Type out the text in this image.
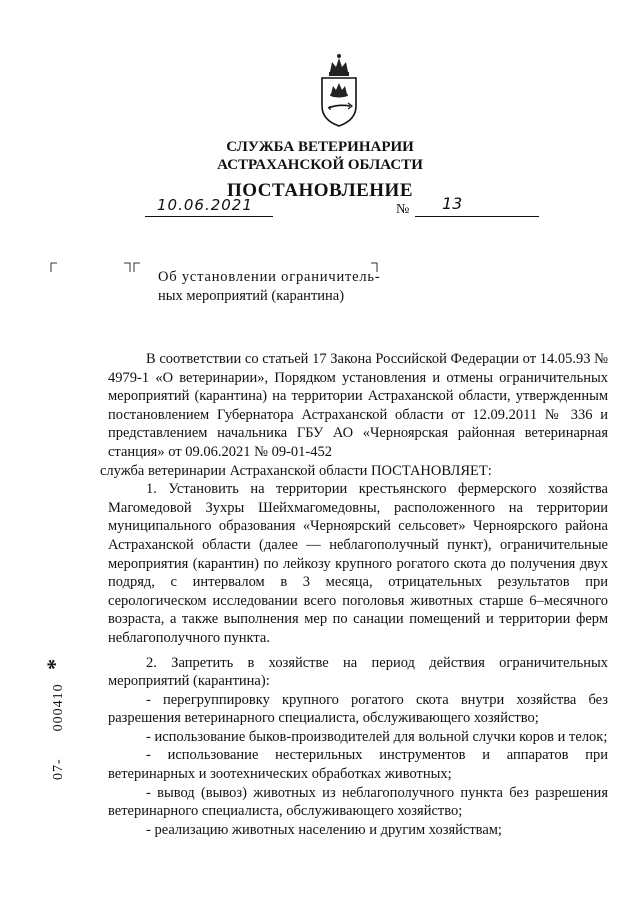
СЛУЖБА ВЕТЕРИНАРИИ
АСТРАХАНСКОЙ ОБЛАСТИ
ПОСТАНОВЛЕНИЕ
10.06.2021	№ 13
Об установлении ограничитель-
ных мероприятий (карантина)

В соответствии со статьей 17 Закона Российской Федерации от 14.05.93 № 4979-1 «О ветеринарии», Порядком установления и отмены ограничительных мероприятий (карантина) на территории Астраханской области, утвержденным постановлением Губернатора Астраханской области от 12.09.2011 № 336 и представлением начальника ГБУ АО «Черноярская районная ветеринарная станция» от 09.06.2021 № 09-01-452

служба ветеринарии Астраханской области ПОСТАНОВЛЯЕТ:

1. Установить на территории крестьянского фермерского хозяйства Магомедовой Зухры Шейхмагомедовны, расположенного на территории муниципального образования «Черноярский сельсовет» Черноярского района Астраханской области (далее — неблагополучный пункт), ограничительные мероприятия (карантин) по лейкозу крупного рогатого скота до получения двух подряд, с интервалом в 3 месяца, отрицательных результатов при серологическом исследовании всего поголовья животных старше 6–месячного возраста, а также выполнения мер по санации помещений и территории ферм неблагополучного пункта.

2. Запретить в хозяйстве на период действия ограничительных мероприятий (карантина):

- перегруппировку крупного рогатого скота внутри хозяйства без разрешения ветеринарного специалиста, обслуживающего хозяйство;

- использование быков-производителей для вольной случки коров и телок;

- использование нестерильных инструментов и аппаратов при ветеринарных и зоотехнических обработках животных;

- вывод (вывоз) животных из неблагополучного пункта без разрешения ветеринарного специалиста, обслуживающего хозяйство;

- реализацию животных населению и другим хозяйствам;

07-      000410   *
